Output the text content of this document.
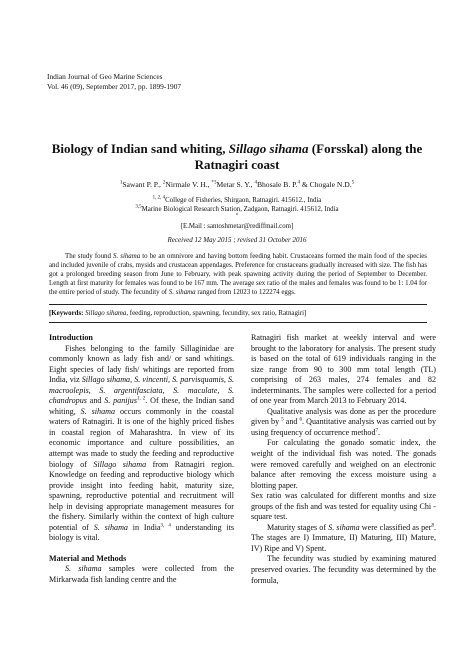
Indian Journal of Geo Marine Sciences
Vol. 46 (09), September 2017, pp. 1899-1907
Biology of Indian sand whiting, Sillago sihama (Forsskal) along the Ratnagiri coast
$^1$Sawant P. P., $^2$Nirmale V. H., $^{*3}$Metar S. Y., $^4$Bhosale B. P.$^4$ & Chogale N.D.$^5$
$^{1, 2, 4}$College of Fisheries, Shirgaon, Ratnagiri. 415612., India
$^{3,5}$Marine Biological Research Station, Zadgaon, Ratnagiri. 415612, India
*
[E.Mail : santoshmetar@rediffmail.com]
Received 12 May 2015 ; revised 31 October 2016
The study found S. sihama to be an omnivore and having bottom feeding habit. Crustaceans formed the main food of the species and included juvenile of crabs, mysids and crustacean appendages. Preference for crustaceans gradually increased with size. The fish has got a prolonged breeding season from June to February, with peak spawning activity during the period of September to December. Length at first maturity for females was found to be 167 mm. The average sex ratio of the males and females was found to be 1: 1.04 for the entire period of study. The fecundity of S. sihama ranged from 12023 to 122274 eggs.
[Keywords: Sillago sihama, feeding, reproduction, spawning, fecundity, sex ratio, Ratnagiri]

Introduction

Fishes belonging to the family Sillaginidae are commonly known as lady fish and/ or sand whitings. Eight species of lady fish/ whitings are reported from India, viz Sillago sihama, S. vincenti, S. parvisquamis, S. macroolepis, S. argentifasciata, S. maculate, S. chandropus and S. panijus$^{1, 2}$. Of these, the Indian sand whiting, S. sihama occurs commonly in the coastal waters of Ratnagiri. It is one of the highly priced fishes in coastal region of Maharashtra. In view of its economic importance and culture possibilities, an attempt was made to study the feeding and reproductive biology of Sillago sihama from Ratnagiri region. Knowledge on feeding and reproductive biology which provide insight into feeding habit, maturity size, spawning, reproductive potential and recruitment will help in devising appropriate management measures for the fishery. Similarly within the context of high culture potential of S. sihama in India$^{3, 4}$ understanding its biology is vital.

Material and Methods

S. sihama samples were collected from the Mirkarwada fish landing centre and the

Ratnagiri fish market at weekly interval and were brought to the laboratory for analysis. The present study is based on the total of 619 individuals ranging in the size range from 90 to 300 mm total length (TL) comprising of 263 males, 274 females and 82 indeterminants. The samples were collected for a period of one year from March 2013 to February 2014.

Qualitative analysis was done as per the procedure given by $^5$ and $^6$. Quantitative analysis was carried out by using frequency of occurrence method$^7$.

For calculating the gonado somatic index, the weight of the individual fish was noted. The gonads were removed carefully and weighed on an electronic balance after removing the excess moisture using a blotting paper.

Sex ratio was calculated for different months and size groups of the fish and was tested for equality using Chi - square test.

Maturity stages of S. sihama were classified as per$^8$. The stages are I) Immature, II) Maturing, III) Mature, IV) Ripe and V) Spent.

The fecundity was studied by examining matured preserved ovaries. The fecundity was determined by the formula,
